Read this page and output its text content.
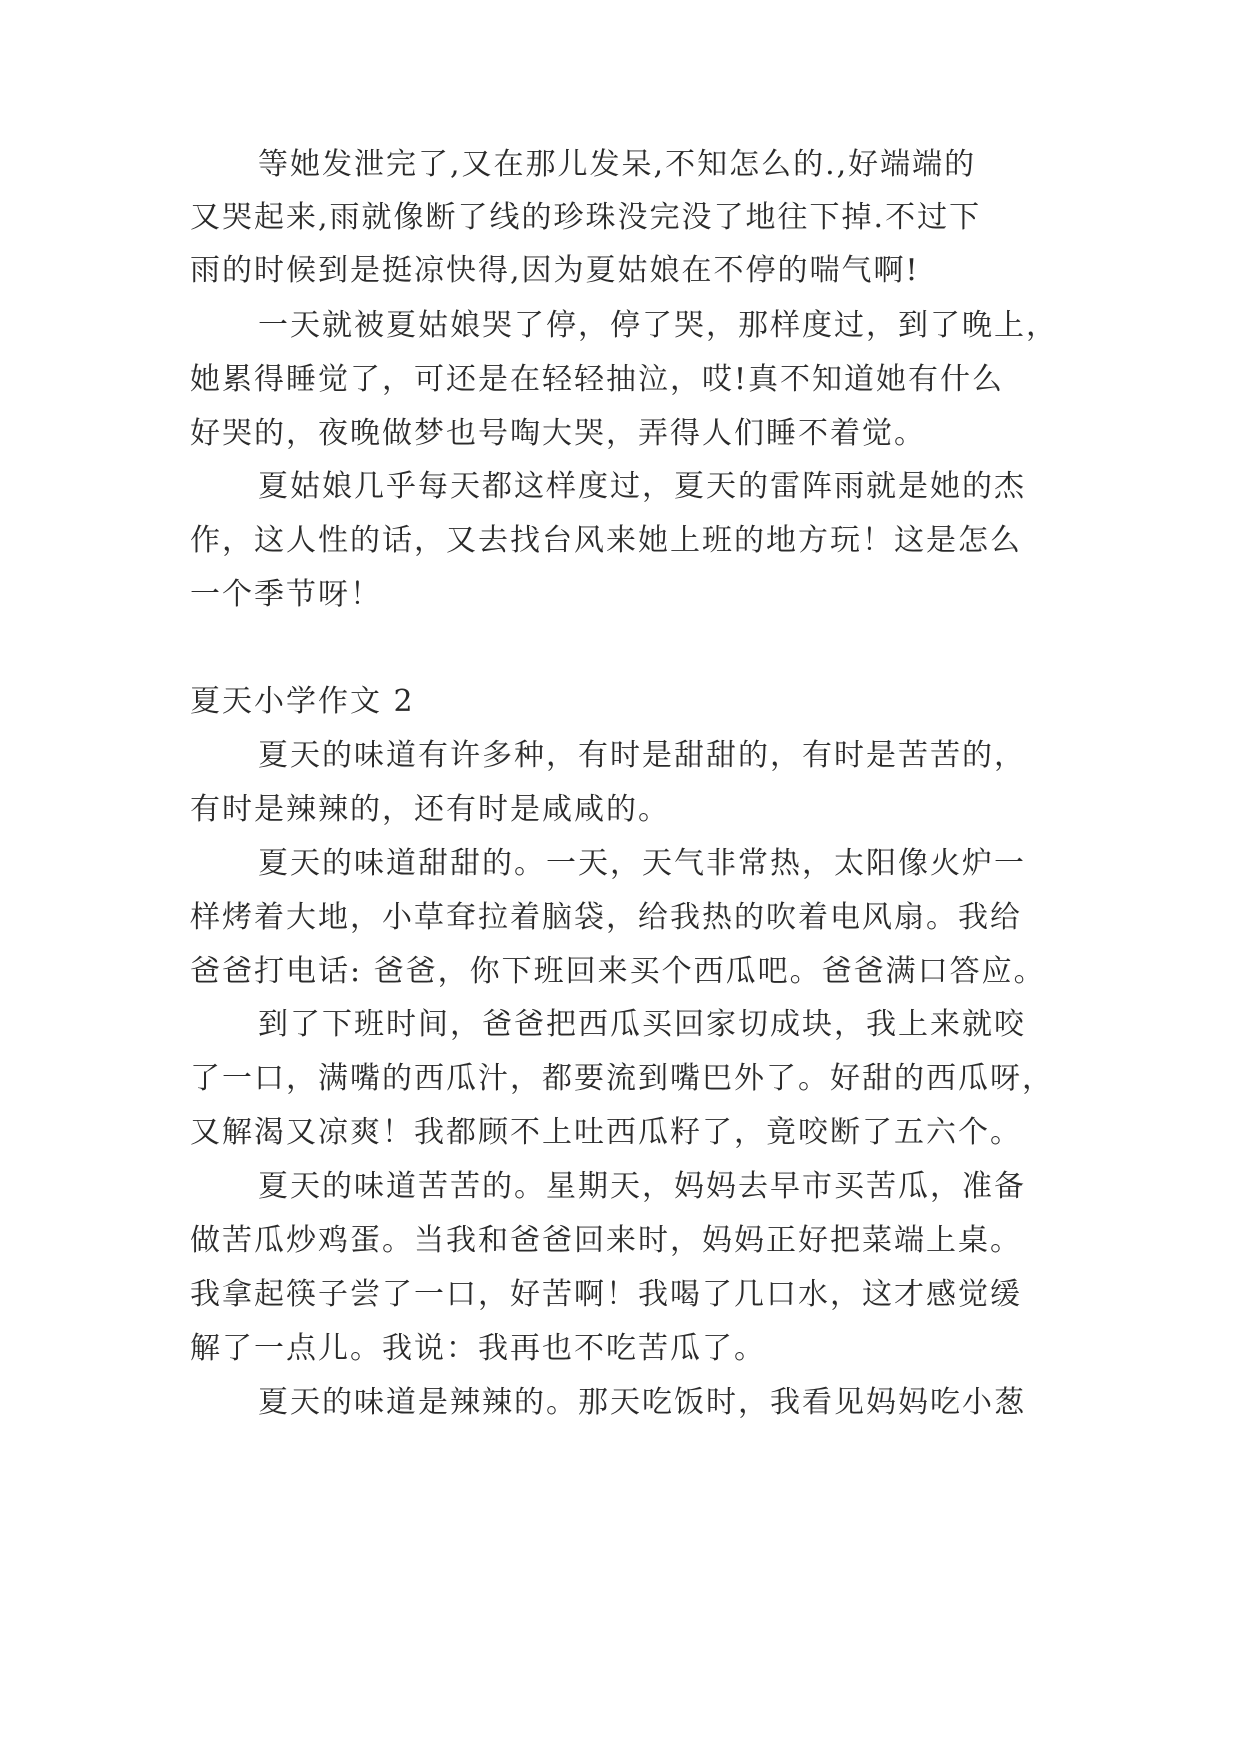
等她发泄完了,又在那儿发呆,不知怎么的.,好端端的
又哭起来,雨就像断了线的珍珠没完没了地往下掉.不过下
雨的时候到是挺凉快得,因为夏姑娘在不停的喘气啊!
一天就被夏姑娘哭了停，停了哭，那样度过，到了晚上，
她累得睡觉了，可还是在轻轻抽泣，哎!真不知道她有什么
好哭的，夜晚做梦也号啕大哭，弄得人们睡不着觉。
夏姑娘几乎每天都这样度过，夏天的雷阵雨就是她的杰
作，这人性的话，又去找台风来她上班的地方玩！这是怎么
一个季节呀！
夏天小学作文 2
夏天的味道有许多种，有时是甜甜的，有时是苦苦的，
有时是辣辣的，还有时是咸咸的。
夏天的味道甜甜的。一天，天气非常热，太阳像火炉一
样烤着大地，小草耷拉着脑袋，给我热的吹着电风扇。我给
爸爸打电话: 爸爸，你下班回来买个西瓜吧。爸爸满口答应。
到了下班时间，爸爸把西瓜买回家切成块，我上来就咬
了一口，满嘴的西瓜汁，都要流到嘴巴外了。好甜的西瓜呀，
又解渴又凉爽！我都顾不上吐西瓜籽了，竟咬断了五六个。
夏天的味道苦苦的。星期天，妈妈去早市买苦瓜，准备
做苦瓜炒鸡蛋。当我和爸爸回来时，妈妈正好把菜端上桌。
我拿起筷子尝了一口，好苦啊！我喝了几口水，这才感觉缓
解了一点儿。我说：我再也不吃苦瓜了。
夏天的味道是辣辣的。那天吃饭时，我看见妈妈吃小葱
